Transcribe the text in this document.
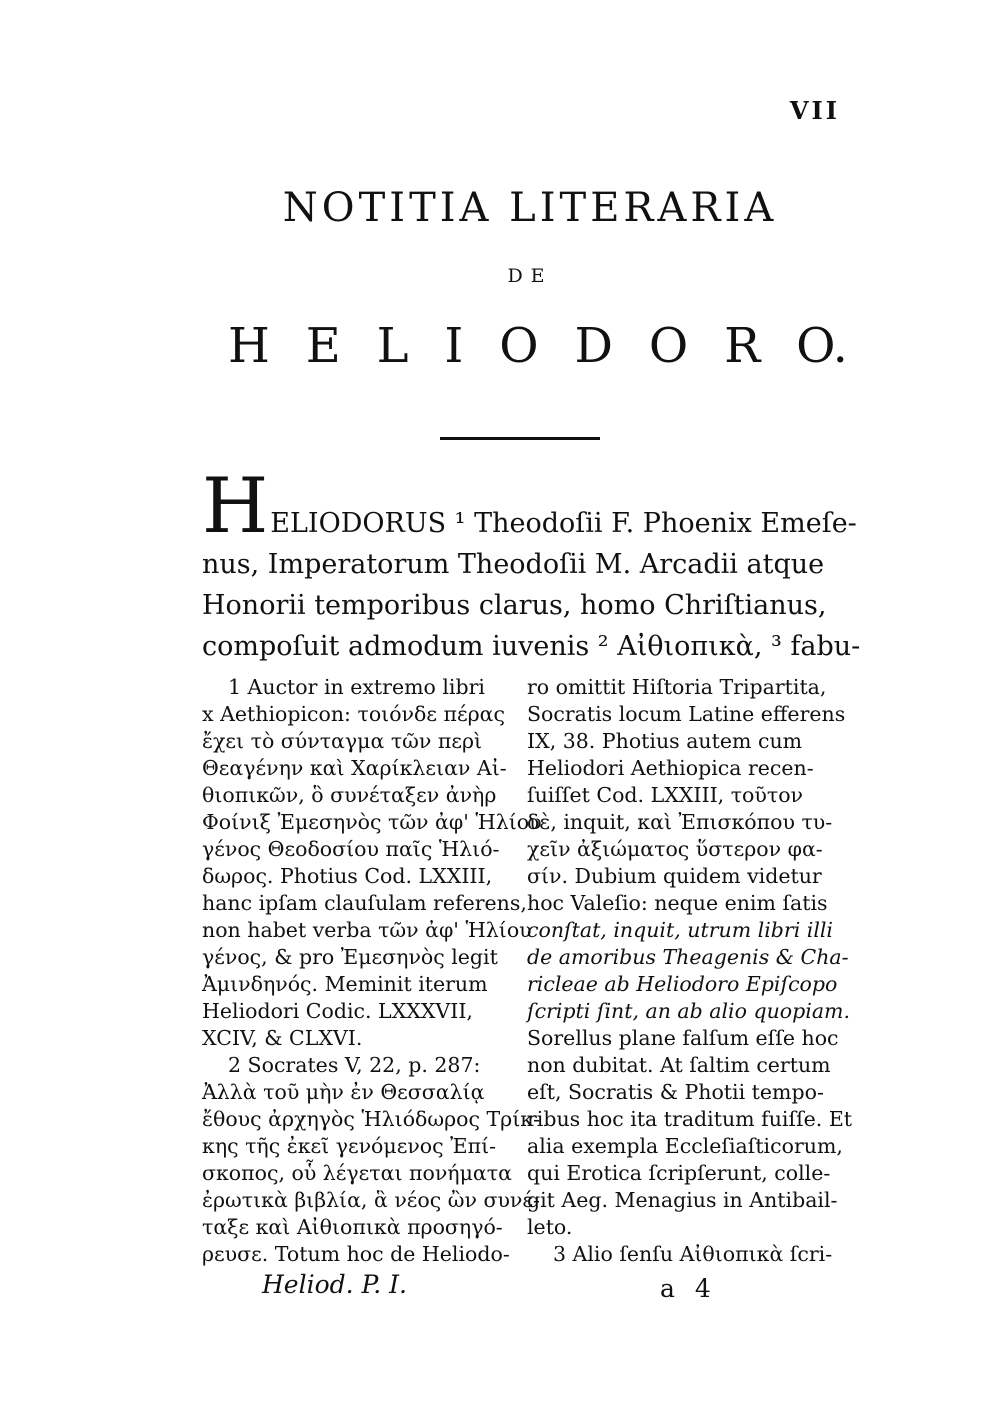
VII
NOTITIA LITERARIA
DE
H E L I O D O R O.
HELIODORUS ¹ Theodoſii F. Phoenix Emeſe-
nus, Imperatorum Theodoſii M. Arcadii atque
Honorii temporibus clarus, homo Chriſtianus,
compoſuit admodum iuvenis ² Αἰθιοπικὰ, ³ fabu-
1 Auctor in extremo libri
x Aethiopicon: τοιόνδε πέρας
ἔχει τὸ σύνταγμα τῶν περὶ
Θεαγένην καὶ Χαρίκλειαν Αἰ-
θιοπικῶν, ὃ συνέταξεν ἀνὴρ
Φοίνιξ Ἐμεσηνὸς τῶν ἀφ' Ἡλίου
γένος Θεοδοσίου παῖς Ἡλιό-
δωρος. Photius Cod. LXXIII,
hanc ipſam clauſulam referens,
non habet verba τῶν ἀφ' Ἡλίου
γένος, & pro Ἐμεσηνὸς legit
Ἀμινδηνός. Meminit iterum
Heliodori Codic. LXXXVII,
XCIV, & CLXVI.
2 Socrates V, 22, p. 287:
Ἀλλὰ τοῦ μὴν ἐν Θεσσαλίᾳ
ἔθους ἀρχηγὸς Ἡλιόδωρος Τρίκ-
κης τῆς ἐκεῖ γενόμενος Ἐπί-
σκοπος, οὗ λέγεται πονήματα
ἐρωτικὰ βιβλία, ἃ νέος ὢν συνέ-
ταξε καὶ Αἰθιοπικὰ προσηγό-
ρευσε. Totum hoc de Heliodo-
ro omittit Hiſtoria Tripartita,
Socratis locum Latine efferens
IX, 38. Photius autem cum
Heliodori Aethiopica recen-
ſuiſſet Cod. LXXIII, τοῦτον
δὲ, inquit, καὶ Ἐπισκόπου τυ-
χεῖν ἀξιώματος ὕστερον φα-
σίν. Dubium quidem videtur
hoc Valeſio: neque enim ſatis
conſtat, inquit, utrum libri illi
de amoribus Theagenis & Cha-
ricleae ab Heliodoro Epiſcopo
ſcripti ſint, an ab alio quopiam.
Sorellus plane falſum eſſe hoc
non dubitat. At ſaltim certum
eſt, Socratis & Photii tempo-
ribus hoc ita traditum fuiſſe. Et
alia exempla Eccleſiaſticorum,
qui Erotica ſcripſerunt, colle-
git Aeg. Menagius in Antibail-
leto.
3 Alio ſenſu Αἰθιοπικὰ ſcri-
Heliod. P. I.	a 4
